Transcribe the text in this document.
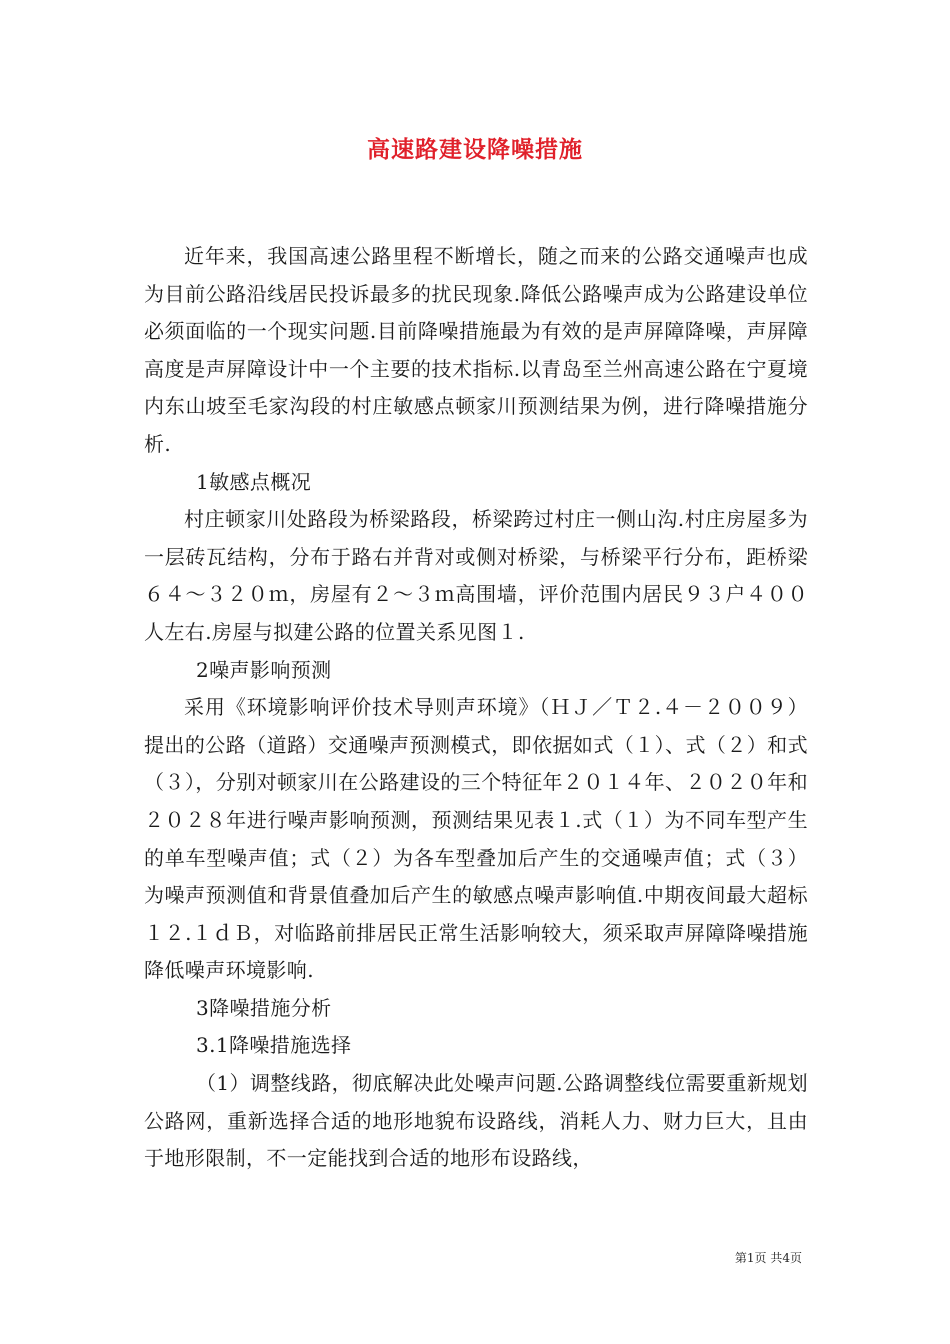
高速路建设降噪措施

近年来，我国高速公路里程不断增长，随之而来的公路交通噪声也成为目前公路沿线居民投诉最多的扰民现象.降低公路噪声成为公路建设单位必须面临的一个现实问题.目前降噪措施最为有效的是声屏障降噪，声屏障高度是声屏障设计中一个主要的技术指标.以青岛至兰州高速公路在宁夏境内东山坡至毛家沟段的村庄敏感点顿家川预测结果为例，进行降噪措施分析.

1敏感点概况

村庄顿家川处路段为桥梁路段，桥梁跨过村庄一侧山沟.村庄房屋多为一层砖瓦结构，分布于路右并背对或侧对桥梁，与桥梁平行分布，距桥梁６４～３２０ｍ，房屋有２～３ｍ高围墙，评价范围内居民９３户４００人左右.房屋与拟建公路的位置关系见图１.

2噪声影响预测

采用《环境影响评价技术导则声环境》（ＨＪ／Ｔ２.４－２００９）提出的公路（道路）交通噪声预测模式，即依据如式（１）、式（２）和式（３），分别对顿家川在公路建设的三个特征年２０１４年、２０２０年和２０２８年进行噪声影响预测，预测结果见表１.式（１）为不同车型产生的单车型噪声值；式（２）为各车型叠加后产生的交通噪声值；式（３）为噪声预测值和背景值叠加后产生的敏感点噪声影响值.中期夜间最大超标１２.１ｄＢ，对临路前排居民正常生活影响较大，须采取声屏障降噪措施降低噪声环境影响.

3降噪措施分析

3.1降噪措施选择

（1）调整线路，彻底解决此处噪声问题.公路调整线位需要重新规划公路网，重新选择合适的地形地貌布设路线，消耗人力、财力巨大，且由于地形限制，不一定能找到合适的地形布设路线，

第1页 共4页
